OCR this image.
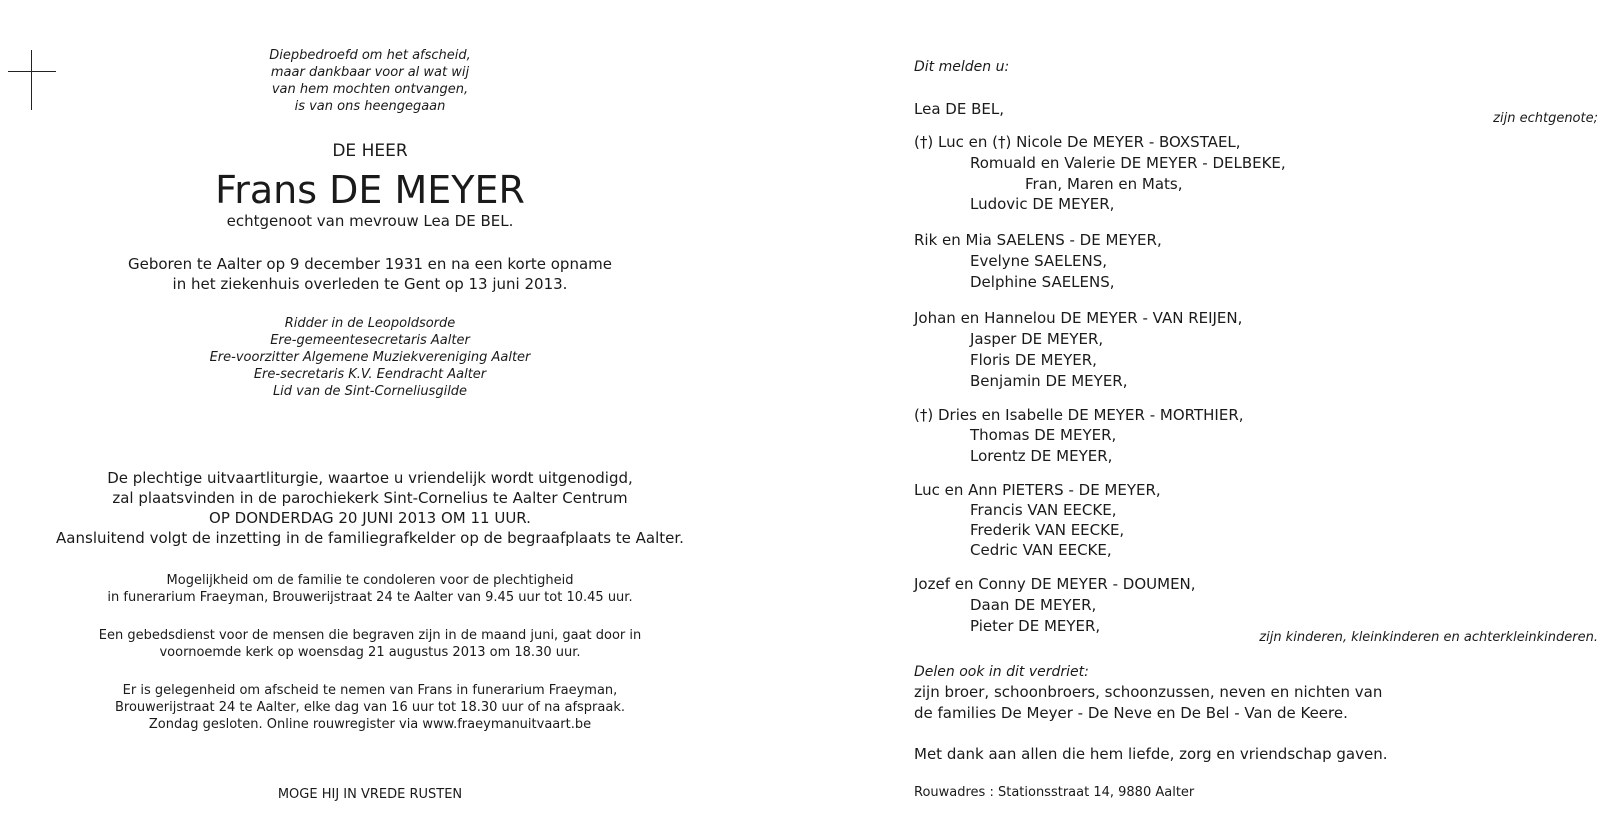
Diepbedroefd om het afscheid,
maar dankbaar voor al wat wij
van hem mochten ontvangen,
is van ons heengegaan
DE HEER
Frans DE MEYER
echtgenoot van mevrouw Lea DE BEL.
Geboren te Aalter op 9 december 1931 en na een korte opname
in het ziekenhuis overleden te Gent op 13 juni 2013.
Ridder in de Leopoldsorde
Ere-gemeentesecretaris Aalter
Ere-voorzitter Algemene Muziekvereniging Aalter
Ere-secretaris K.V. Eendracht Aalter
Lid van de Sint-Corneliusgilde
De plechtige uitvaartliturgie, waartoe u vriendelijk wordt uitgenodigd,
zal plaatsvinden in de parochiekerk Sint-Cornelius te Aalter Centrum
OP DONDERDAG 20 JUNI 2013 OM 11 UUR.
Aansluitend volgt de inzetting in de familiegrafkelder op de begraafplaats te Aalter.
Mogelijkheid om de familie te condoleren voor de plechtigheid
in funerarium Fraeyman, Brouwerijstraat 24 te Aalter van 9.45 uur tot 10.45 uur.
Een gebedsdienst voor de mensen die begraven zijn in de maand juni, gaat door in
voornoemde kerk op woensdag 21 augustus 2013 om 18.30 uur.
Er is gelegenheid om afscheid te nemen van Frans in funerarium Fraeyman,
Brouwerijstraat 24 te Aalter, elke dag van 16 uur tot 18.30 uur of na afspraak.
Zondag gesloten. Online rouwregister via www.fraeymanuitvaart.be
MOGE HIJ IN VREDE RUSTEN
Dit melden u:
Lea DE BEL,
zijn echtgenote;
(†) Luc en (†) Nicole De MEYER - BOXSTAEL,
Romuald en Valerie DE MEYER - DELBEKE,
Fran, Maren en Mats,
Ludovic DE MEYER,
Rik en Mia SAELENS - DE MEYER,
Evelyne SAELENS,
Delphine SAELENS,
Johan en Hannelou DE MEYER - VAN REIJEN,
Jasper DE MEYER,
Floris DE MEYER,
Benjamin DE MEYER,
(†) Dries en Isabelle DE MEYER - MORTHIER,
Thomas DE MEYER,
Lorentz DE MEYER,
Luc en Ann PIETERS - DE MEYER,
Francis VAN EECKE,
Frederik VAN EECKE,
Cedric VAN EECKE,
Jozef en Conny DE MEYER - DOUMEN,
Daan DE MEYER,
Pieter DE MEYER,
zijn kinderen, kleinkinderen en achterkleinkinderen.
Delen ook in dit verdriet:
zijn broer, schoonbroers, schoonzussen, neven en nichten van
de families De Meyer - De Neve en De Bel - Van de Keere.
Met dank aan allen die hem liefde, zorg en vriendschap gaven.
Rouwadres : Stationsstraat 14, 9880 Aalter
